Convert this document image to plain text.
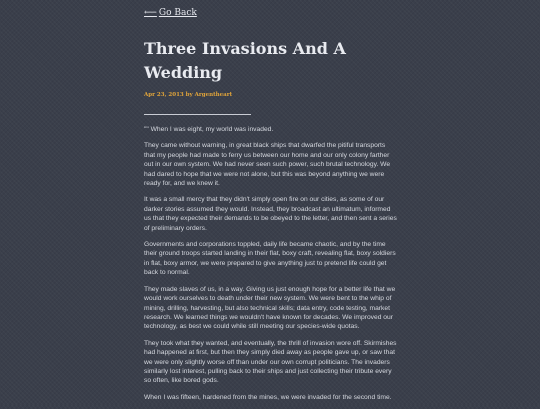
⟵ Go Back
Three Invasions And A Wedding
Apr 23, 2013 by Argentheart

"" When I was eight, my world was invaded.

They came without warning, in great black ships that dwarfed the pitiful transports that my people had made to ferry us between our home and our only colony farther out in our own system. We had never seen such power, such brutal technology. We had dared to hope that we were not alone, but this was beyond anything we were ready for, and we knew it.

It was a small mercy that they didn't simply open fire on our cities, as some of our darker stories assumed they would. Instead, they broadcast an ultimatum, informed us that they expected their demands to be obeyed to the letter, and then sent a series of preliminary orders.

Governments and corporations toppled, daily life became chaotic, and by the time their ground troops started landing in their flat, boxy craft, revealing flat, boxy soldiers in flat, boxy armor, we were prepared to give anything just to pretend life could get back to normal.

They made slaves of us, in a way. Giving us just enough hope for a better life that we would work ourselves to death under their new system. We were bent to the whip of mining, drilling, harvesting, but also technical skills; data entry, code testing, market research. We learned things we wouldn't have known for decades. We improved our technology, as best we could while still meeting our species-wide quotas.

They took what they wanted, and eventually, the thrill of invasion wore off. Skirmishes had happened at first, but then they simply died away as people gave up, or saw that we were only slightly worse off than under our own corrupt politicians. The invaders similarly lost interest, pulling back to their ships and just collecting their tribute every so often, like bored gods.

When I was fifteen, hardened from the mines, we were invaded for the second time.
